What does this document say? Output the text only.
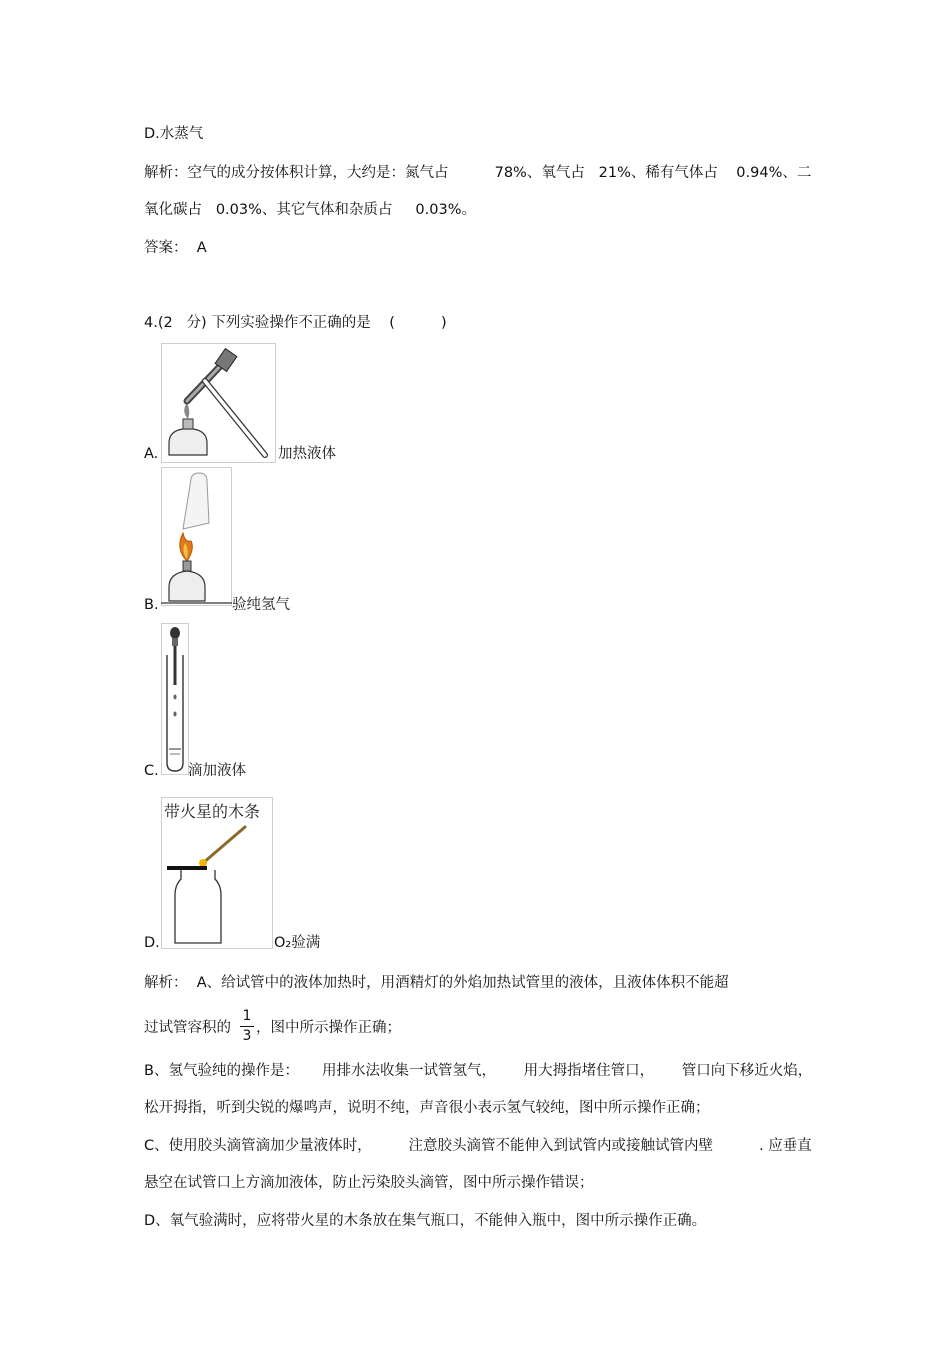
D.水蒸气
解析：空气的成分按体积计算，大约是：氮气占          78%、氧气占   21%、稀有气体占    0.94%、二
氧化碳占   0.03%、其它气体和杂质占     0.03%。
答案：  A
4.(2   分) 下列实验操作不正确的是    (          )
A.	加热液体
B.	验纯氢气
C. 滴加液体
带火星的木条
D.	O₂验满
解析：  A、给试管中的液体加热时，用酒精灯的外焰加热试管里的液体，且液体体积不能超
过试管容积的
1
3 ，图中所示操作正确；
B、氢气验纯的操作是：     用排水法收集一试管氢气，      用大拇指堵住管口，      管口向下移近火焰，
松开拇指，听到尖锐的爆鸣声，说明不纯，声音很小表示氢气较纯，图中所示操作正确；
C、使用胶头滴管滴加少量液体时，        注意胶头滴管不能伸入到试管内或接触试管内壁          . 应垂直
悬空在试管口上方滴加液体，防止污染胶头滴管，图中所示操作错误；
D、氧气验满时，应将带火星的木条放在集气瓶口，不能伸入瓶中，图中所示操作正确。
